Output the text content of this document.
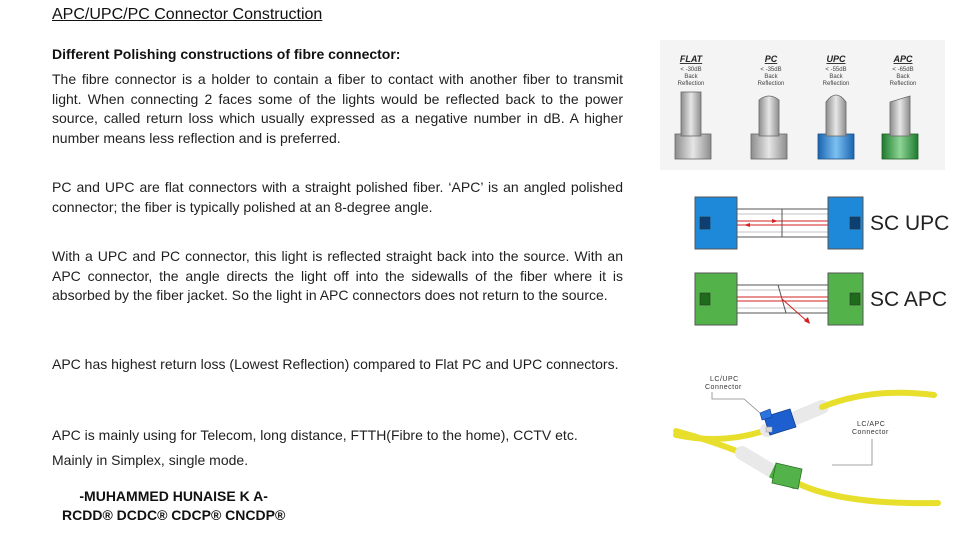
APC/UPC/PC Connector Construction
Different Polishing constructions of fibre connector:

The fibre connector is a holder to contain a fiber to contact with another fiber to transmit light. When connecting 2 faces some of the lights would be reflected back to the power source, called return loss which usually expressed as a negative number in dB. A higher number means less reflection and is preferred.

PC and UPC are flat connectors with a straight polished fiber. ‘APC’ is an angled polished connector; the fiber is typically polished at an 8-degree angle.

With a UPC and PC connector, this light is reflected straight back into the source. With an APC connector, the angle directs the light off into the sidewalls of the fiber where it is absorbed by the fiber jacket. So the light in APC connectors does not return to the source.

APC has highest return loss (Lowest Reflection) compared to Flat PC and UPC connectors.

APC is mainly using for Telecom, long distance, FTTH(Fibre to the home), CCTV etc.

Mainly in Simplex, single mode.

-MUHAMMED HUNAISE K A-
RCDD® DCDC® CDCP® CNCDP®
FLAT
< -30dB
Back
Reflection
PC
< -35dB
Back
Reflection
UPC
< -55dB
Back
Reflection
APC
< -65dB
Back
Reflection
SC UPC
SC APC
LC/UPC
Connector
LC/APC
Connector
